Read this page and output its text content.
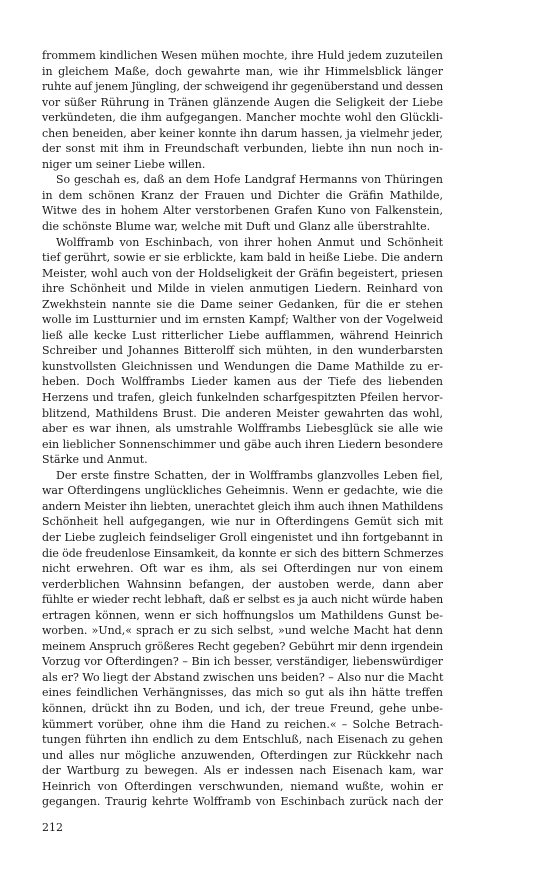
frommem kindlichen Wesen mühen mochte, ihre Huld jedem zuzuteilen
in gleichem Maße, doch gewahrte man, wie ihr Himmelsblick länger
ruhte auf jenem Jüngling, der schweigend ihr gegenüberstand und dessen
vor süßer Rührung in Tränen glänzende Augen die Seligkeit der Liebe
verkündeten, die ihm aufgegangen. Mancher mochte wohl den Glückli-
chen beneiden, aber keiner konnte ihn darum hassen, ja vielmehr jeder,
der sonst mit ihm in Freundschaft verbunden, liebte ihn nun noch in-
niger um seiner Liebe willen.
So geschah es, daß an dem Hofe Landgraf Hermanns von Thüringen
in dem schönen Kranz der Frauen und Dichter die Gräfin Mathilde,
Witwe des in hohem Alter verstorbenen Grafen Kuno von Falkenstein,
die schönste Blume war, welche mit Duft und Glanz alle überstrahlte.
Wolfframb von Eschinbach, von ihrer hohen Anmut und Schönheit
tief gerührt, sowie er sie erblickte, kam bald in heiße Liebe. Die andern
Meister, wohl auch von der Holdseligkeit der Gräfin begeistert, priesen
ihre Schönheit und Milde in vielen anmutigen Liedern. Reinhard von
Zwekhstein nannte sie die Dame seiner Gedanken, für die er stehen
wolle im Lustturnier und im ernsten Kampf; Walther von der Vogelweid
ließ alle kecke Lust ritterlicher Liebe aufflammen, während Heinrich
Schreiber und Johannes Bitterolff sich mühten, in den wunderbarsten
kunstvollsten Gleichnissen und Wendungen die Dame Mathilde zu er-
heben. Doch Wolfframbs Lieder kamen aus der Tiefe des liebenden
Herzens und trafen, gleich funkelnden scharfgespitzten Pfeilen hervor-
blitzend, Mathildens Brust. Die anderen Meister gewahrten das wohl,
aber es war ihnen, als umstrahle Wolfframbs Liebesglück sie alle wie
ein lieblicher Sonnenschimmer und gäbe auch ihren Liedern besondere
Stärke und Anmut.
Der erste finstre Schatten, der in Wolfframbs glanzvolles Leben fiel,
war Ofterdingens unglückliches Geheimnis. Wenn er gedachte, wie die
andern Meister ihn liebten, unerachtet gleich ihm auch ihnen Mathildens
Schönheit hell aufgegangen, wie nur in Ofterdingens Gemüt sich mit
der Liebe zugleich feindseliger Groll eingenistet und ihn fortgebannt in
die öde freudenlose Einsamkeit, da konnte er sich des bittern Schmerzes
nicht erwehren. Oft war es ihm, als sei Ofterdingen nur von einem
verderblichen Wahnsinn befangen, der austoben werde, dann aber
fühlte er wieder recht lebhaft, daß er selbst es ja auch nicht würde haben
ertragen können, wenn er sich hoffnungslos um Mathildens Gunst be-
worben. »Und,« sprach er zu sich selbst, »und welche Macht hat denn
meinem Anspruch größeres Recht gegeben? Gebührt mir denn irgendein
Vorzug vor Ofterdingen? – Bin ich besser, verständiger, liebenswürdiger
als er? Wo liegt der Abstand zwischen uns beiden? – Also nur die Macht
eines feindlichen Verhängnisses, das mich so gut als ihn hätte treffen
können, drückt ihn zu Boden, und ich, der treue Freund, gehe unbe-
kümmert vorüber, ohne ihm die Hand zu reichen.« – Solche Betrach-
tungen führten ihn endlich zu dem Entschluß, nach Eisenach zu gehen
und alles nur mögliche anzuwenden, Ofterdingen zur Rückkehr nach
der Wartburg zu bewegen. Als er indessen nach Eisenach kam, war
Heinrich von Ofterdingen verschwunden, niemand wußte, wohin er
gegangen. Traurig kehrte Wolfframb von Eschinbach zurück nach der
212
